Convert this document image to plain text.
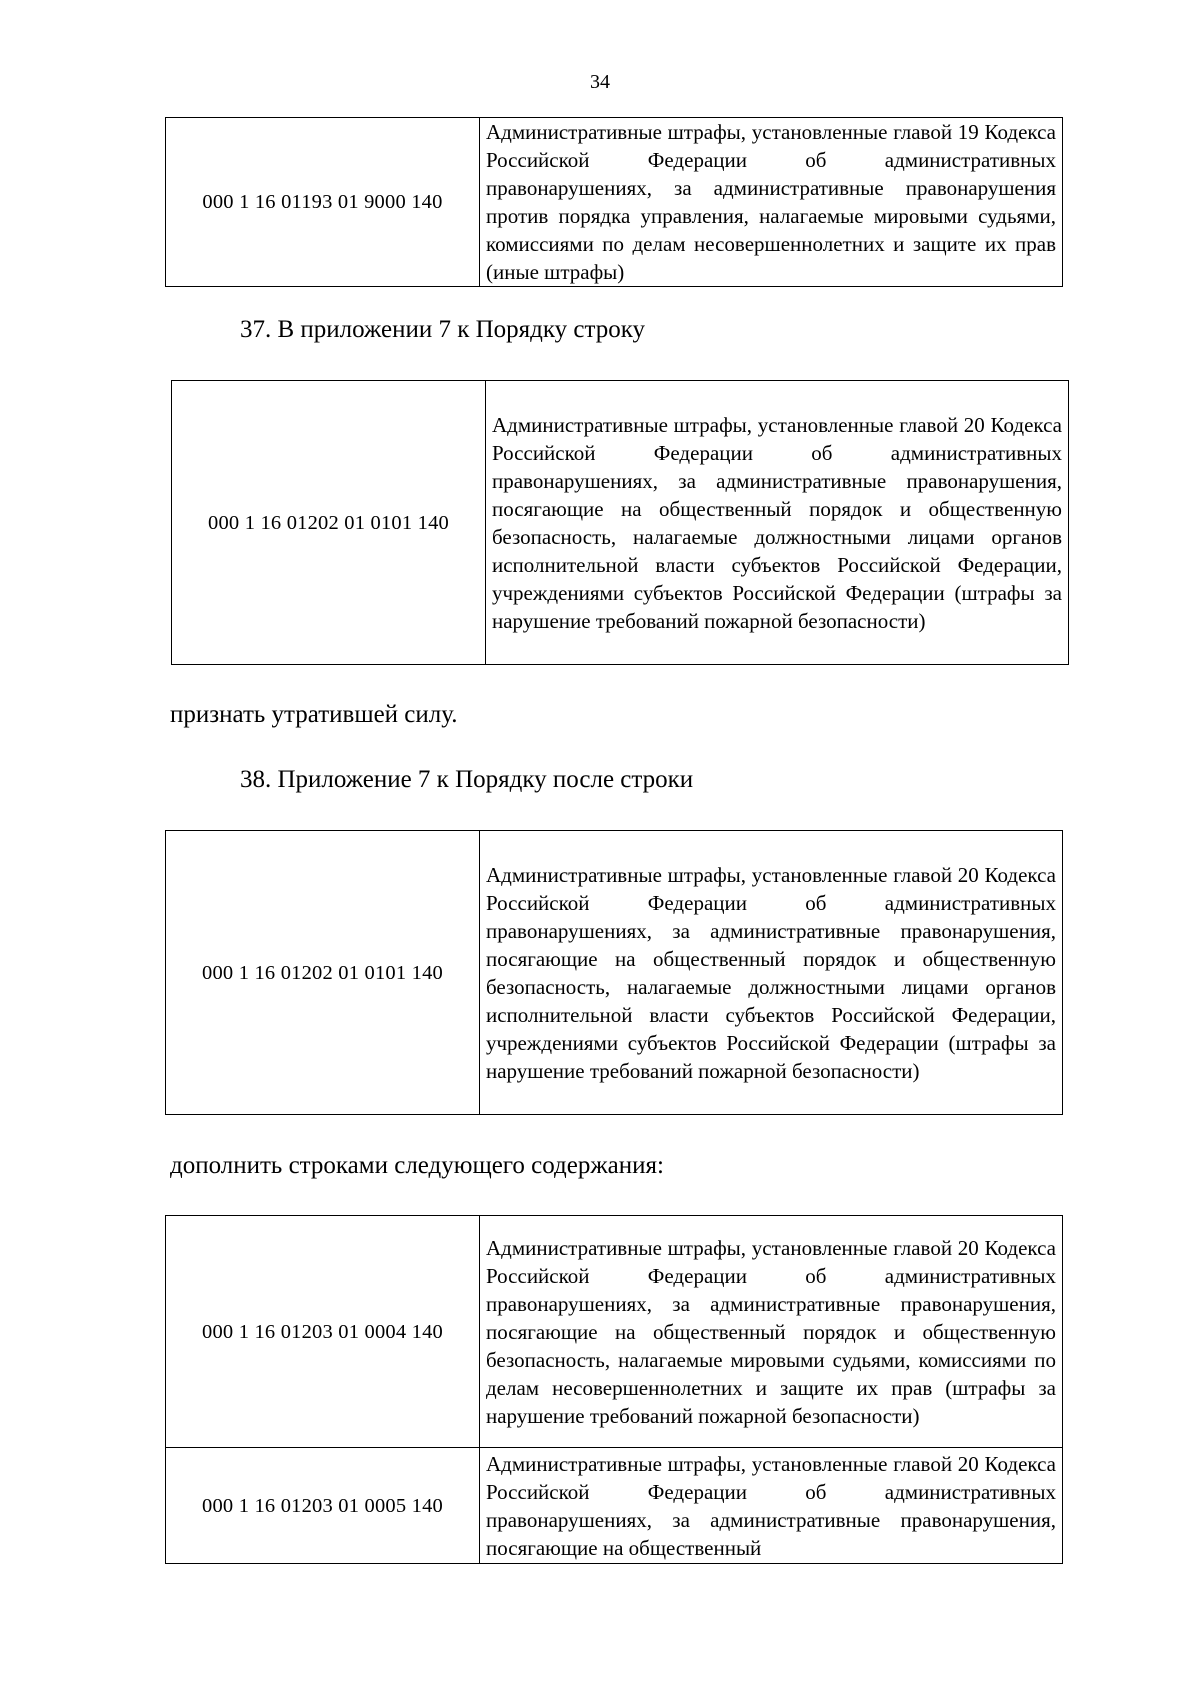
34
000 1 16 01193 01 9000 140	Административные штрафы, установленные главой 19 Кодекса Российской Федерации об административных правонарушениях, за административные правонарушения против порядка управления, налагаемые мировыми судьями, комиссиями по делам несовершеннолетних и защите их прав (иные штрафы)
37. В приложении 7 к Порядку строку
000 1 16 01202 01 0101 140	Административные штрафы, установленные главой 20 Кодекса Российской Федерации об административных правонарушениях, за административные правонарушения, посягающие на общественный порядок и общественную безопасность, налагаемые должностными лицами органов исполнительной власти субъектов Российской Федерации, учреждениями субъектов Российской Федерации (штрафы за нарушение требований пожарной безопасности)
признать утратившей силу.
38. Приложение 7 к Порядку после строки
000 1 16 01202 01 0101 140	Административные штрафы, установленные главой 20 Кодекса Российской Федерации об административных правонарушениях, за административные правонарушения, посягающие на общественный порядок и общественную безопасность, налагаемые должностными лицами органов исполнительной власти субъектов Российской Федерации, учреждениями субъектов Российской Федерации (штрафы за нарушение требований пожарной безопасности)
дополнить строками следующего содержания:
000 1 16 01203 01 0004 140	Административные штрафы, установленные главой 20 Кодекса Российской Федерации об административных правонарушениях, за административные правонарушения, посягающие на общественный порядок и общественную безопасность, налагаемые мировыми судьями, комиссиями по делам несовершеннолетних и защите их прав (штрафы за нарушение требований пожарной безопасности)
000 1 16 01203 01 0005 140	Административные штрафы, установленные главой 20 Кодекса Российской Федерации об административных правонарушениях, за административные правонарушения, посягающие на общественный
